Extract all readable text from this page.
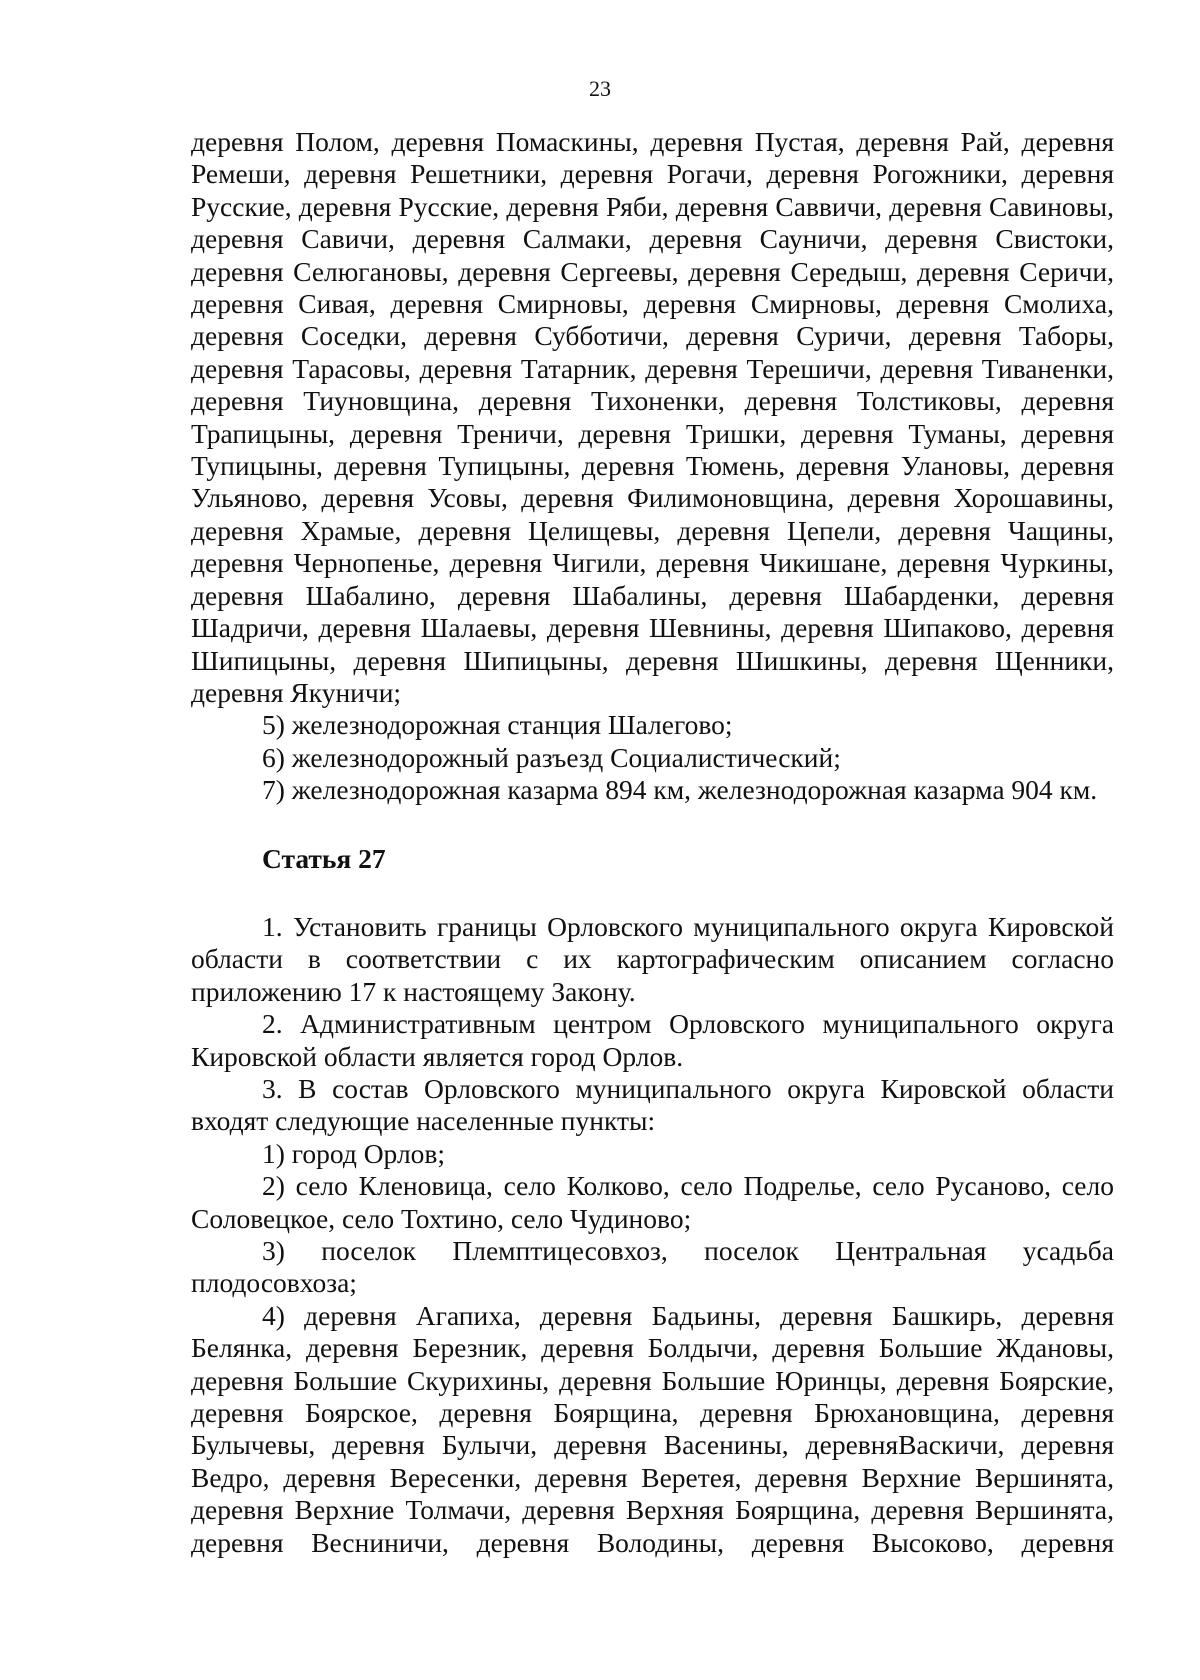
23

деревня Полом, деревня Помаскины, деревня Пустая, деревня Рай, деревня Ремеши, деревня Решетники, деревня Рогачи, деревня Рогожники, деревня Русские, деревня Русские, деревня Ряби, деревня Саввичи, деревня Савиновы, деревня Савичи, деревня Салмаки, деревня Сауничи, деревня Свистоки, деревня Селюгановы, деревня Сергеевы, деревня Середыш, деревня Серичи, деревня Сивая, деревня Смирновы, деревня Смирновы, деревня Смолиха, деревня Соседки, деревня Субботичи, деревня Суричи, деревня Таборы, деревня Тарасовы, деревня Татарник, деревня Терешичи, деревня Тиваненки, деревня Тиуновщина, деревня Тихоненки, деревня Толстиковы, деревня Трапицыны, деревня Треничи, деревня Тришки, деревня Туманы, деревня Тупицыны, деревня Тупицыны, деревня Тюмень, деревня Улановы, деревня Ульяново, деревня Усовы, деревня Филимоновщина, деревня Хорошавины, деревня Храмые, деревня Целищевы, деревня Цепели, деревня Чащины, деревня Чернопенье, деревня Чигили, деревня Чикишане, деревня Чуркины, деревня Шабалино, деревня Шабалины, деревня Шабарденки, деревня Шадричи, деревня Шалаевы, деревня Шевнины, деревня Шипаково, деревня Шипицыны, деревня Шипицыны, деревня Шишкины, деревня Щенники, деревня Якуничи;

5) железнодорожная станция Шалегово;

6) железнодорожный разъезд Социалистический;

7) железнодорожная казарма 894 км, железнодорожная казарма 904 км.

Статья 27

1. Установить границы Орловского муниципального округа Кировской области в соответствии с их картографическим описанием согласно приложению 17 к настоящему Закону.

2. Административным центром Орловского муниципального округа Кировской области является город Орлов.

3. В состав Орловского муниципального округа Кировской области входят следующие населенные пункты:

1) город Орлов;

2) село Кленовица, село Колково, село Подрелье, село Русаново, село Соловецкое, село Тохтино, село Чудиново;

3) поселок Племптицесовхоз, поселок Центральная усадьба плодосовхоза;

4) деревня Агапиха, деревня Бадьины, деревня Башкирь, деревня Белянка, деревня Березник, деревня Болдычи, деревня Большие Ждановы, деревня Большие Скурихины, деревня Большие Юринцы, деревня Боярские, деревня Боярское, деревня Боярщина, деревня Брюхановщина, деревня Булычевы, деревня Булычи, деревня Васенины, деревняВаскичи, деревня Ведро, деревня Вересенки, деревня Веретея, деревня Верхние Вершинята, деревня Верхние Толмачи, деревня Верхняя Боярщина, деревня Вершинята, деревня Весниничи, деревня Володины, деревня Высоково, деревня
